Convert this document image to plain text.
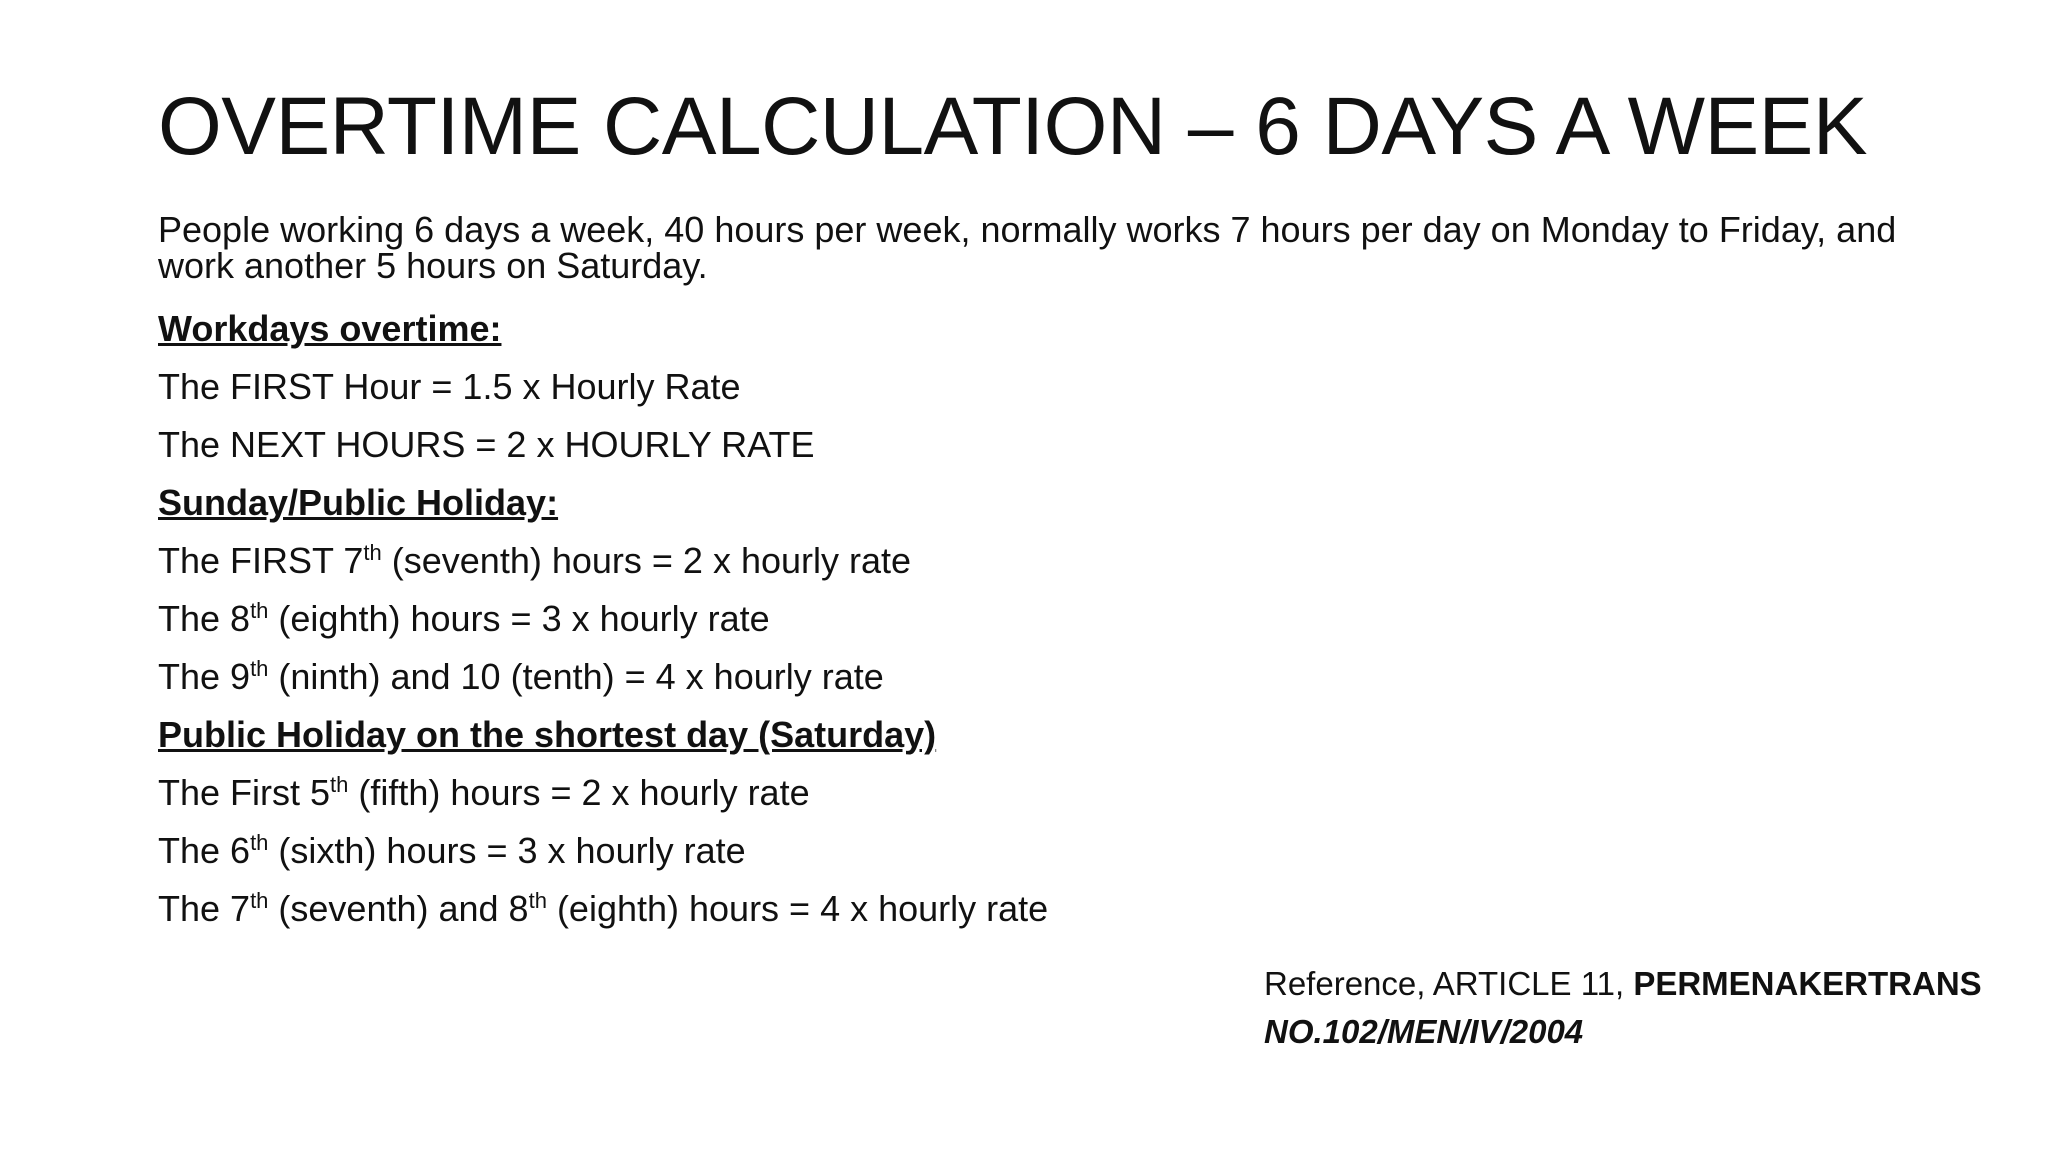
OVERTIME CALCULATION – 6 DAYS A WEEK
People working 6 days a week, 40 hours per week, normally works 7 hours per day on Monday to Friday, and work another 5 hours on Saturday.
Workdays overtime:
The FIRST Hour = 1.5 x Hourly Rate
The NEXT HOURS = 2 x HOURLY RATE
Sunday/Public Holiday:
The FIRST 7th (seventh) hours = 2 x hourly rate
The 8th (eighth) hours = 3 x hourly rate
The 9th (ninth) and 10 (tenth) = 4 x hourly rate
Public Holiday on the shortest day (Saturday)
The First 5th (fifth) hours = 2 x hourly rate
The 6th (sixth) hours = 3 x hourly rate
The 7th (seventh) and 8th (eighth) hours = 4 x hourly rate
Reference, ARTICLE 11, PERMENAKERTRANS
NO.102/MEN/IV/2004
